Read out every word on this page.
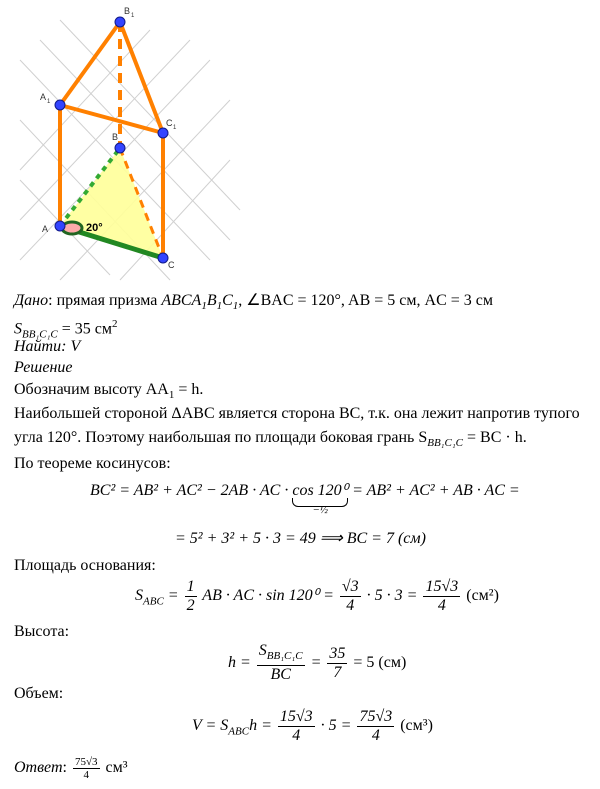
20°
B 1
A 1
C 1
B
A
C
Дано: прямая призма $ABCA_1B_1C_1$, ∠BAC = 120°, AB = 5 см, AC = 3 см
$S_{BB_1C_1C} = 35$ $см^2$
Найти: V
Решение
Обозначим высоту $AA_1 = h$.
Наибольшей стороной ΔABC является сторона BC, т.к. она лежит напротив тупого
угла 120°. Поэтому наибольшая по площади боковая грань $S_{BB_1C_1C}$ = BC · h.
По теореме косинусов:
BC² = AB² + AC² − 2AB · AC · cos 120⁰
−½
= AB² + AC² + AB · AC =
= 5² + 3² + 5 · 3 = 49 ⟹ BC = 7 (см)
Площадь основания:
$S_{ABC} = \frac{1}{2}$ AB · AC · $\sin 120^0 = \frac{√3}{4} \cdot 5 \cdot 3 = \frac{15√3}{4} (см^2)$
Высота:
$h = \frac{S_{BB_1C_1C}}{BC} = \frac{35}{7} = 5$ (см)
Объем:
$V = S_{ABC}h = \frac{15√3}{4} \cdot 5 = \frac{75√3}{4} (см^3)$
Ответ: $\frac{75√3}{4} см^3$
